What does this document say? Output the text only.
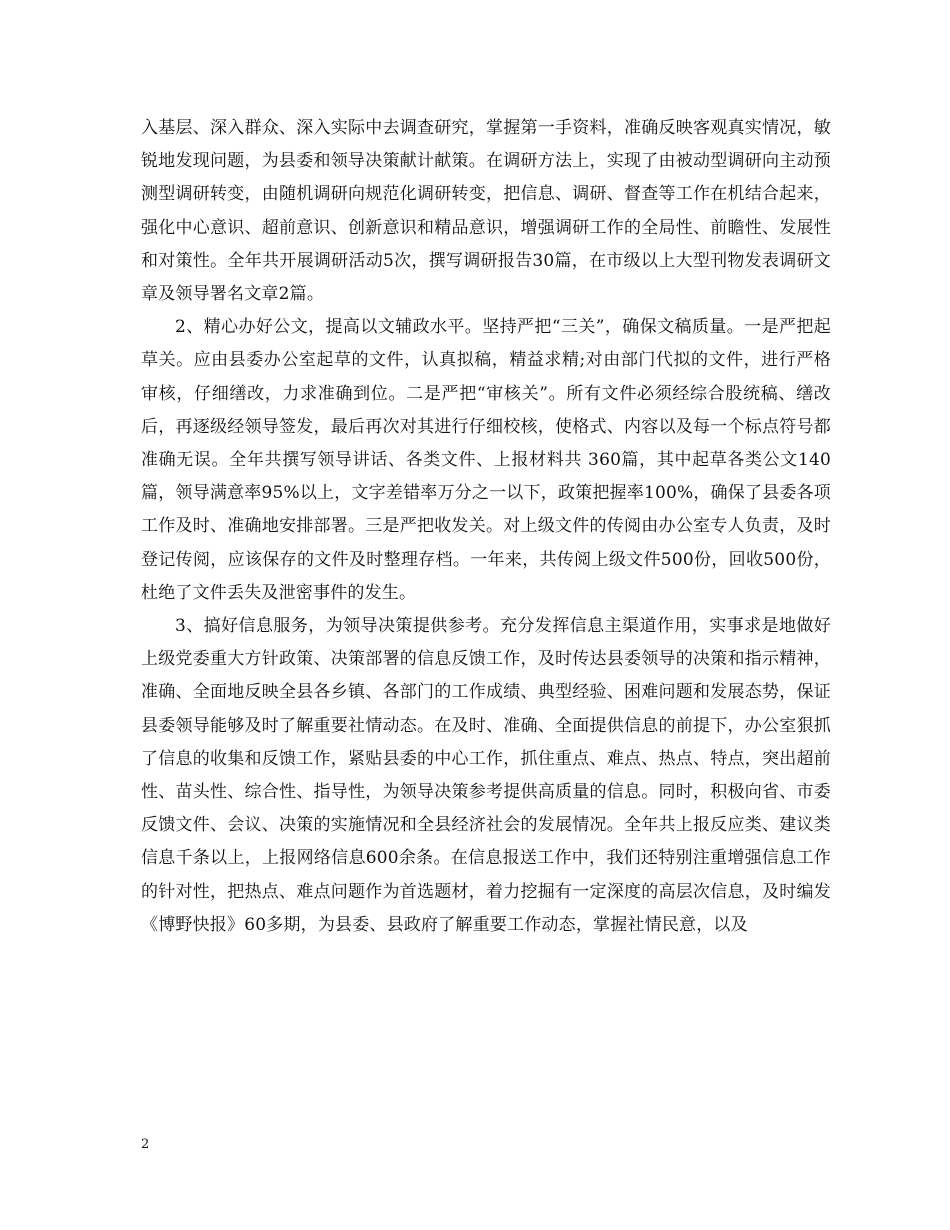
入基层、深入群众、深入实际中去调查研究，掌握第一手资料，准确反映客观真实情况，敏锐地发现问题，为县委和领导决策献计献策。在调研方法上，实现了由被动型调研向主动预测型调研转变，由随机调研向规范化调研转变，把信息、调研、督查等工作在机结合起来，强化中心意识、超前意识、创新意识和精品意识，增强调研工作的全局性、前瞻性、发展性和对策性。全年共开展调研活动5次，撰写调研报告30篇，在市级以上大型刊物发表调研文章及领导署名文章2篇。

2、精心办好公文，提高以文辅政水平。坚持严把“三关”，确保文稿质量。一是严把起草关。应由县委办公室起草的文件，认真拟稿，精益求精;对由部门代拟的文件，进行严格审核，仔细缮改，力求准确到位。二是严把“审核关”。所有文件必须经综合股统稿、缮改后，再逐级经领导签发，最后再次对其进行仔细校核，使格式、内容以及每一个标点符号都准确无误。全年共撰写领导讲话、各类文件、上报材料共 360篇，其中起草各类公文140篇，领导满意率95%以上，文字差错率万分之一以下，政策把握率100%，确保了县委各项工作及时、准确地安排部署。三是严把收发关。对上级文件的传阅由办公室专人负责，及时登记传阅，应该保存的文件及时整理存档。一年来，共传阅上级文件500份，回收500份，杜绝了文件丢失及泄密事件的发生。

3、搞好信息服务，为领导决策提供参考。充分发挥信息主渠道作用，实事求是地做好上级党委重大方针政策、决策部署的信息反馈工作，及时传达县委领导的决策和指示精神，准确、全面地反映全县各乡镇、各部门的工作成绩、典型经验、困难问题和发展态势，保证县委领导能够及时了解重要社情动态。在及时、准确、全面提供信息的前提下，办公室狠抓了信息的收集和反馈工作，紧贴县委的中心工作，抓住重点、难点、热点、特点，突出超前性、苗头性、综合性、指导性，为领导决策参考提供高质量的信息。同时，积极向省、市委反馈文件、会议、决策的实施情况和全县经济社会的发展情况。全年共上报反应类、建议类信息千条以上，上报网络信息600余条。在信息报送工作中，我们还特别注重增强信息工作的针对性，把热点、难点问题作为首选题材，着力挖掘有一定深度的高层次信息，及时编发《博野快报》60多期，为县委、县政府了解重要工作动态，掌握社情民意，以及

2
